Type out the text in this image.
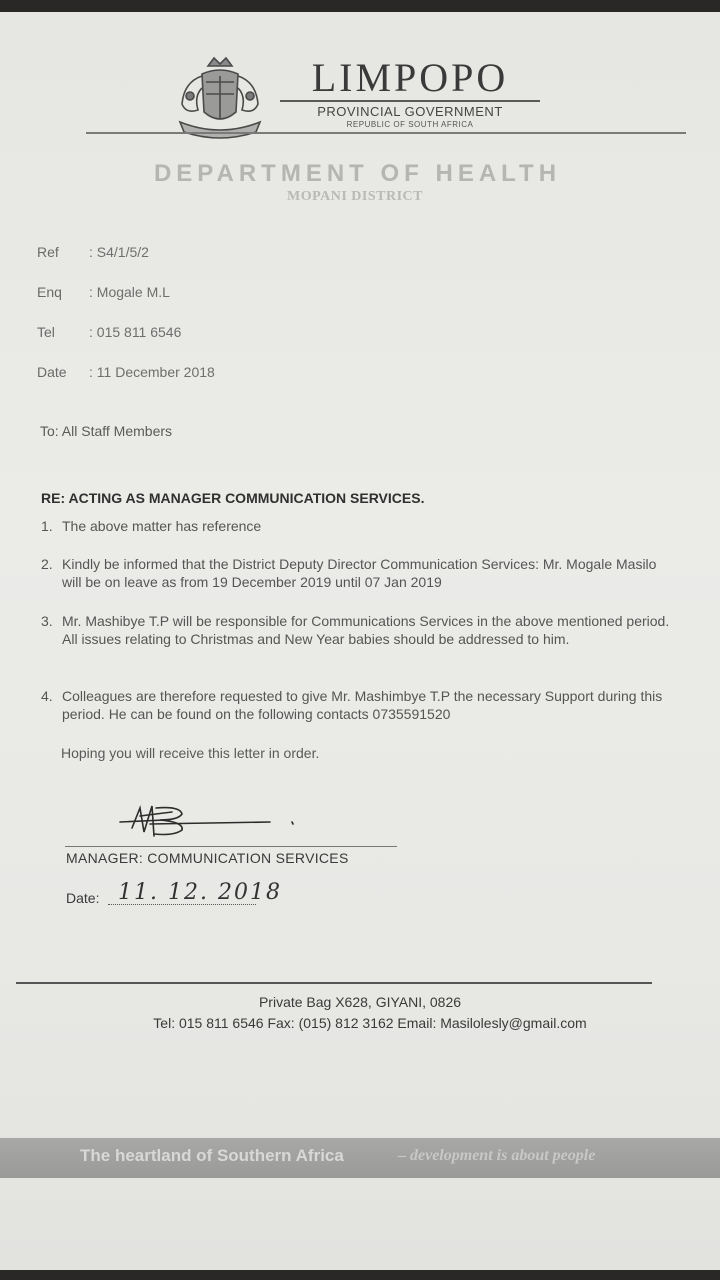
LIMPOPO
PROVINCIAL GOVERNMENT
REPUBLIC OF SOUTH AFRICA
DEPARTMENT OF HEALTH
MOPANI DISTRICT
Ref : S4/1/5/2
Enq : Mogale M.L
Tel : 015 811 6546
Date : 11 December 2018
To: All Staff Members
RE: ACTING AS MANAGER COMMUNICATION SERVICES.
1. The above matter has reference
2. Kindly be informed that the District Deputy Director Communication Services: Mr. Mogale Masilo will be on leave as from 19 December 2019 until 07 Jan 2019
3. Mr. Mashibye T.P will be responsible for Communications Services in the above mentioned period. All issues relating to Christmas and New Year babies should be addressed to him.
4. Colleagues are therefore requested to give Mr. Mashimbye T.P the necessary Support during this period. He can be found on the following contacts 0735591520
Hoping you will receive this letter in order.
MANAGER: COMMUNICATION SERVICES
Date: 11. 12. 2018
Private Bag X628, GIYANI, 0826
Tel: 015 811 6546 Fax: (015) 812 3162 Email: Masilolesly@gmail.com
The heartland of Southern Africa	– development is about people
